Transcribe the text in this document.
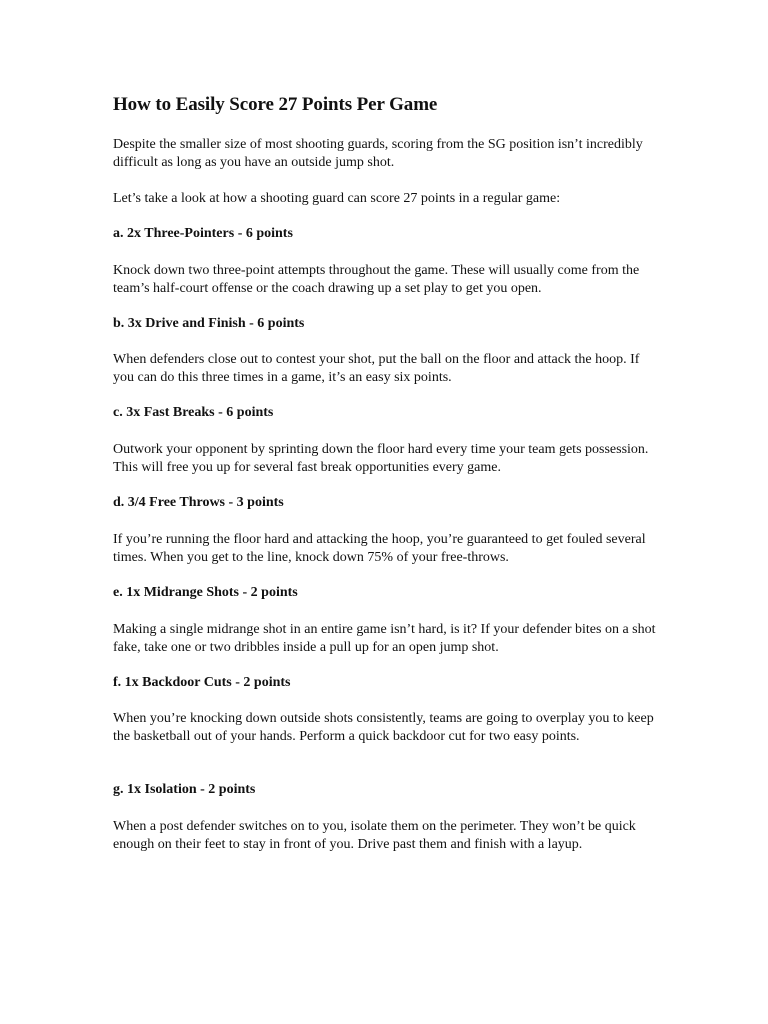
How to Easily Score 27 Points Per Game

Despite the smaller size of most shooting guards, scoring from the SG position isn’t incredibly difficult as long as you have an outside jump shot.

Let’s take a look at how a shooting guard can score 27 points in a regular game:

a. 2x Three-Pointers - 6 points

Knock down two three-point attempts throughout the game. These will usually come from the team’s half-court offense or the coach drawing up a set play to get you open.

b. 3x Drive and Finish - 6 points

When defenders close out to contest your shot, put the ball on the floor and attack the hoop. If you can do this three times in a game, it’s an easy six points.

c. 3x Fast Breaks - 6 points

Outwork your opponent by sprinting down the floor hard every time your team gets possession. This will free you up for several fast break opportunities every game.

d. 3/4 Free Throws - 3 points

If you’re running the floor hard and attacking the hoop, you’re guaranteed to get fouled several times. When you get to the line, knock down 75% of your free-throws.

e. 1x Midrange Shots - 2 points

Making a single midrange shot in an entire game isn’t hard, is it? If your defender bites on a shot fake, take one or two dribbles inside a pull up for an open jump shot.

f. 1x Backdoor Cuts - 2 points

When you’re knocking down outside shots consistently, teams are going to overplay you to keep the basketball out of your hands. Perform a quick backdoor cut for two easy points.

g. 1x Isolation - 2 points

When a post defender switches on to you, isolate them on the perimeter. They won’t be quick enough on their feet to stay in front of you. Drive past them and finish with a layup.
